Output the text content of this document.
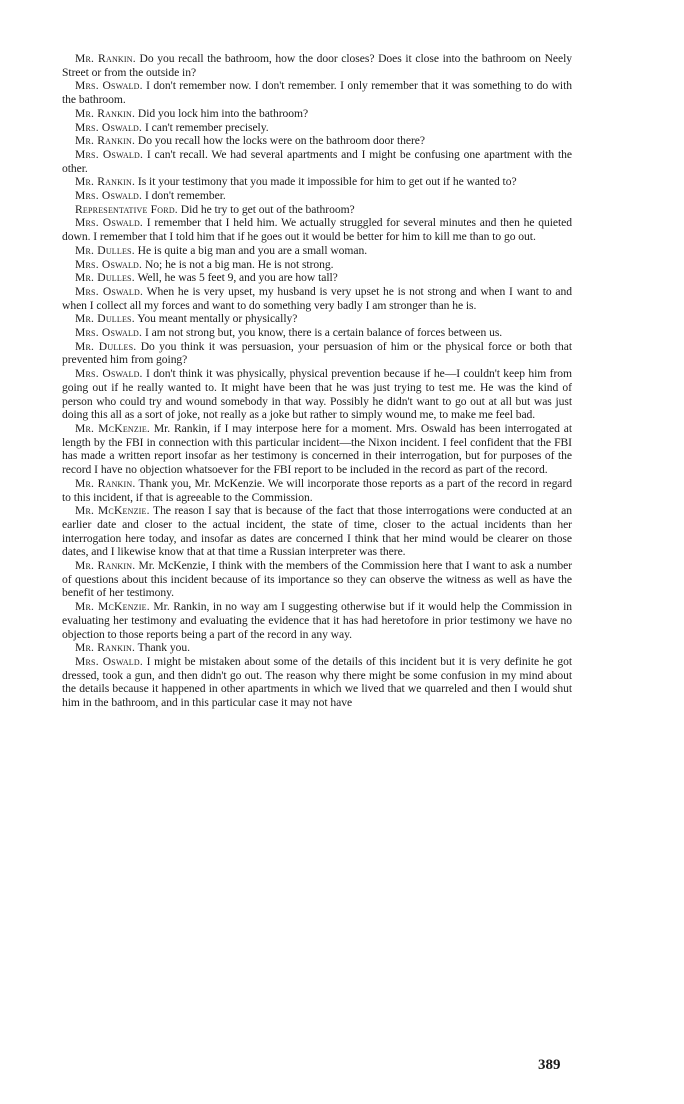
Mr. Rankin. Do you recall the bathroom, how the door closes? Does it close into the bathroom on Neely Street or from the outside in?

Mrs. Oswald. I don't remember now. I don't remember. I only remember that it was something to do with the bathroom.

Mr. Rankin. Did you lock him into the bathroom?

Mrs. Oswald. I can't remember precisely.

Mr. Rankin. Do you recall how the locks were on the bathroom door there?

Mrs. Oswald. I can't recall. We had several apartments and I might be confusing one apartment with the other.

Mr. Rankin. Is it your testimony that you made it impossible for him to get out if he wanted to?

Mrs. Oswald. I don't remember.

Representative Ford. Did he try to get out of the bathroom?

Mrs. Oswald. I remember that I held him. We actually struggled for several minutes and then he quieted down. I remember that I told him that if he goes out it would be better for him to kill me than to go out.

Mr. Dulles. He is quite a big man and you are a small woman.

Mrs. Oswald. No; he is not a big man. He is not strong.

Mr. Dulles. Well, he was 5 feet 9, and you are how tall?

Mrs. Oswald. When he is very upset, my husband is very upset he is not strong and when I want to and when I collect all my forces and want to do something very badly I am stronger than he is.

Mr. Dulles. You meant mentally or physically?

Mrs. Oswald. I am not strong but, you know, there is a certain balance of forces between us.

Mr. Dulles. Do you think it was persuasion, your persuasion of him or the physical force or both that prevented him from going?

Mrs. Oswald. I don't think it was physically, physical prevention because if he—I couldn't keep him from going out if he really wanted to. It might have been that he was just trying to test me. He was the kind of person who could try and wound somebody in that way. Possibly he didn't want to go out at all but was just doing this all as a sort of joke, not really as a joke but rather to simply wound me, to make me feel bad.

Mr. McKenzie. Mr. Rankin, if I may interpose here for a moment. Mrs. Oswald has been interrogated at length by the FBI in connection with this particular incident—the Nixon incident. I feel confident that the FBI has made a written report insofar as her testimony is concerned in their interrogation, but for purposes of the record I have no objection whatsoever for the FBI report to be included in the record as part of the record.

Mr. Rankin. Thank you, Mr. McKenzie. We will incorporate those reports as a part of the record in regard to this incident, if that is agreeable to the Commission.

Mr. McKenzie. The reason I say that is because of the fact that those interrogations were conducted at an earlier date and closer to the actual incident, the state of time, closer to the actual incidents than her interrogation here today, and insofar as dates are concerned I think that her mind would be clearer on those dates, and I likewise know that at that time a Russian interpreter was there.

Mr. Rankin. Mr. McKenzie, I think with the members of the Commission here that I want to ask a number of questions about this incident because of its importance so they can observe the witness as well as have the benefit of her testimony.

Mr. McKenzie. Mr. Rankin, in no way am I suggesting otherwise but if it would help the Commission in evaluating her testimony and evaluating the evidence that it has had heretofore in prior testimony we have no objection to those reports being a part of the record in any way.

Mr. Rankin. Thank you.

Mrs. Oswald. I might be mistaken about some of the details of this incident but it is very definite he got dressed, took a gun, and then didn't go out. The reason why there might be some confusion in my mind about the details because it happened in other apartments in which we lived that we quarreled and then I would shut him in the bathroom, and in this particular case it may not have

389
